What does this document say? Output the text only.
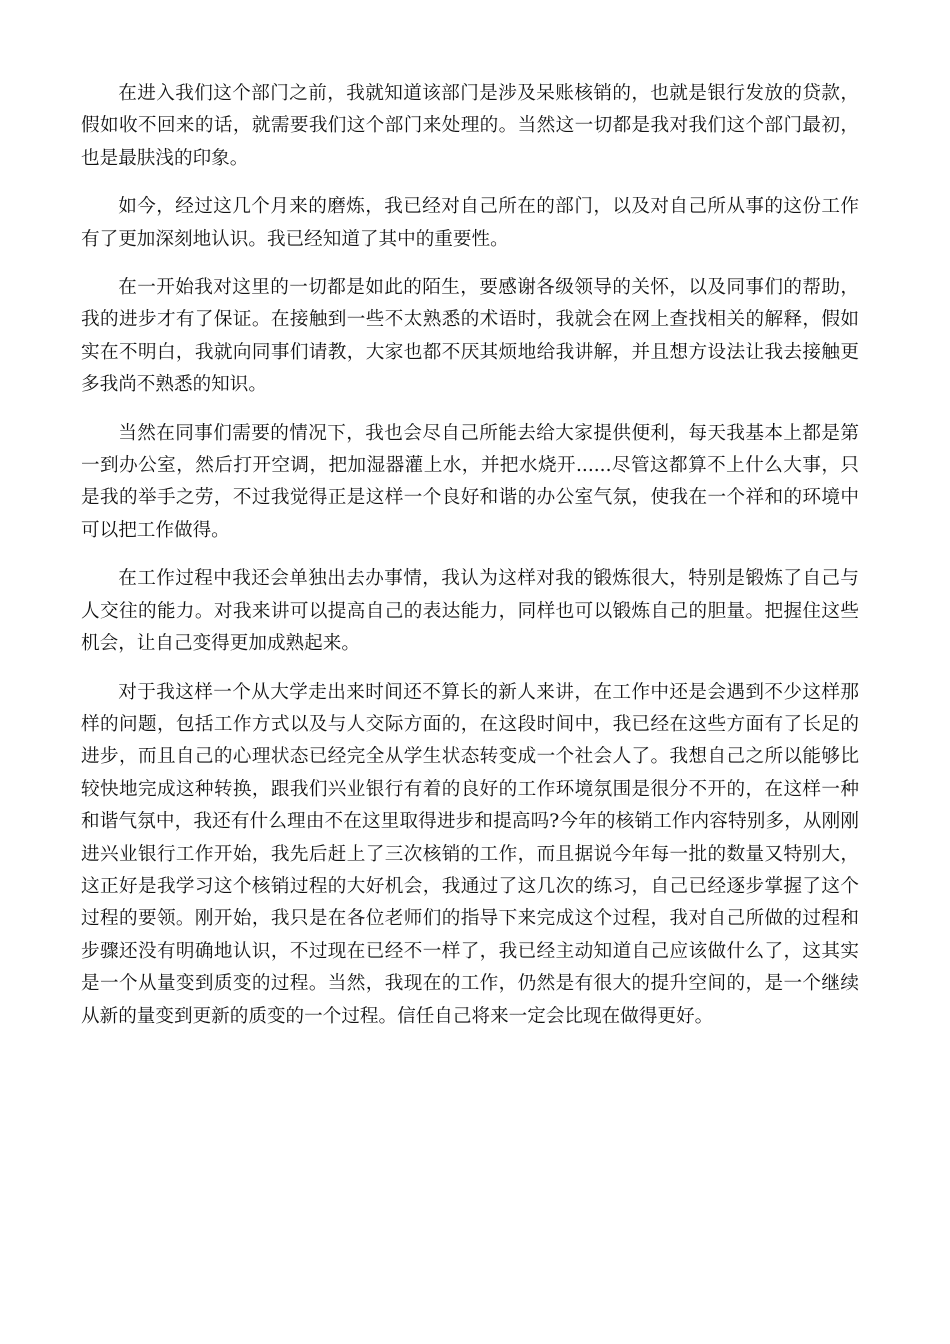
在进入我们这个部门之前，我就知道该部门是涉及呆账核销的，也就是银行发放的贷款，假如收不回来的话，就需要我们这个部门来处理的。当然这一切都是我对我们这个部门最初，也是最肤浅的印象。

如今，经过这几个月来的磨炼，我已经对自己所在的部门，以及对自己所从事的这份工作有了更加深刻地认识。我已经知道了其中的重要性。

在一开始我对这里的一切都是如此的陌生，要感谢各级领导的关怀，以及同事们的帮助，我的进步才有了保证。在接触到一些不太熟悉的术语时，我就会在网上查找相关的解释，假如实在不明白，我就向同事们请教，大家也都不厌其烦地给我讲解，并且想方设法让我去接触更多我尚不熟悉的知识。

当然在同事们需要的情况下，我也会尽自己所能去给大家提供便利，每天我基本上都是第一到办公室，然后打开空调，把加湿器灌上水，并把水烧开......尽管这都算不上什么大事，只是我的举手之劳，不过我觉得正是这样一个良好和谐的办公室气氛，使我在一个祥和的环境中可以把工作做得。

在工作过程中我还会单独出去办事情，我认为这样对我的锻炼很大，特别是锻炼了自己与人交往的能力。对我来讲可以提高自己的表达能力，同样也可以锻炼自己的胆量。把握住这些机会，让自己变得更加成熟起来。

对于我这样一个从大学走出来时间还不算长的新人来讲，在工作中还是会遇到不少这样那样的问题，包括工作方式以及与人交际方面的，在这段时间中，我已经在这些方面有了长足的进步，而且自己的心理状态已经完全从学生状态转变成一个社会人了。我想自己之所以能够比较快地完成这种转换，跟我们兴业银行有着的良好的工作环境氛围是很分不开的，在这样一种和谐气氛中，我还有什么理由不在这里取得进步和提高吗?今年的核销工作内容特别多，从刚刚进兴业银行工作开始，我先后赶上了三次核销的工作，而且据说今年每一批的数量又特别大，这正好是我学习这个核销过程的大好机会，我通过了这几次的练习，自己已经逐步掌握了这个过程的要领。刚开始，我只是在各位老师们的指导下来完成这个过程，我对自己所做的过程和步骤还没有明确地认识，不过现在已经不一样了，我已经主动知道自己应该做什么了，这其实是一个从量变到质变的过程。当然，我现在的工作，仍然是有很大的提升空间的，是一个继续从新的量变到更新的质变的一个过程。信任自己将来一定会比现在做得更好。
